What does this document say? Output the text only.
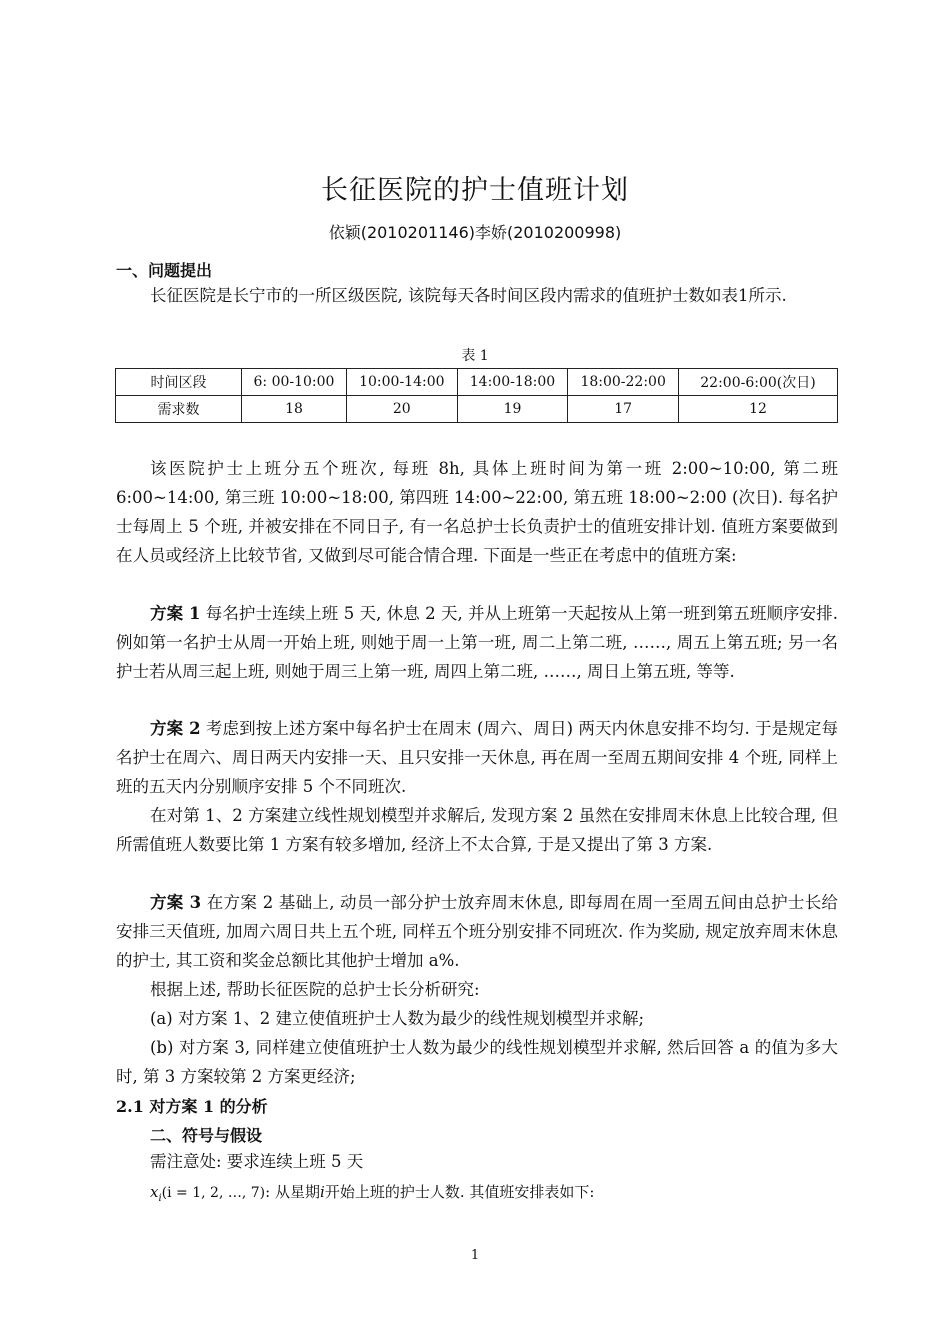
长征医院的护士值班计划
依颖(2010201146)李娇(2010200998)
一、问题提出
长征医院是长宁市的一所区级医院, 该院每天各时间区段内需求的值班护士数如表1所示.
表 1
时间区段	6: 00-10:00	10:00-14:00	14:00-18:00	18:00-22:00	22:00-6:00(次日)
需求数	18	20	19	17	12
该医院护士上班分五个班次, 每班 8h, 具体上班时间为第一班 2:00~10:00, 第二班 6:00~14:00, 第三班 10:00~18:00, 第四班 14:00~22:00, 第五班 18:00~2:00 (次日). 每名护士每周上 5 个班, 并被安排在不同日子, 有一名总护士长负责护士的值班安排计划. 值班方案要做到在人员或经济上比较节省, 又做到尽可能合情合理. 下面是一些正在考虑中的值班方案:
方案 1 每名护士连续上班 5 天, 休息 2 天, 并从上班第一天起按从上第一班到第五班顺序安排. 例如第一名护士从周一开始上班, 则她于周一上第一班, 周二上第二班, ……, 周五上第五班; 另一名护士若从周三起上班, 则她于周三上第一班, 周四上第二班, ……, 周日上第五班, 等等.
方案 2 考虑到按上述方案中每名护士在周末 (周六、周日) 两天内休息安排不均匀. 于是规定每名护士在周六、周日两天内安排一天、且只安排一天休息, 再在周一至周五期间安排 4 个班, 同样上班的五天内分别顺序安排 5 个不同班次.
在对第 1、2 方案建立线性规划模型并求解后, 发现方案 2 虽然在安排周末休息上比较合理, 但所需值班人数要比第 1 方案有较多增加, 经济上不太合算, 于是又提出了第 3 方案.
方案 3 在方案 2 基础上, 动员一部分护士放弃周末休息, 即每周在周一至周五间由总护士长给安排三天值班, 加周六周日共上五个班, 同样五个班分别安排不同班次. 作为奖励, 规定放弃周末休息的护士, 其工资和奖金总额比其他护士增加 a%.
根据上述, 帮助长征医院的总护士长分析研究:
(a) 对方案 1、2 建立使值班护士人数为最少的线性规划模型并求解;
(b) 对方案 3, 同样建立使值班护士人数为最少的线性规划模型并求解, 然后回答 a 的值为多大时, 第 3 方案较第 2 方案更经济;
2.1 对方案 1 的分析
二、符号与假设
需注意处: 要求连续上班 5 天
$x_i(i = 1$, 2, …, 7): 从星期i开始上班的护士人数. 其值班安排表如下:
1
